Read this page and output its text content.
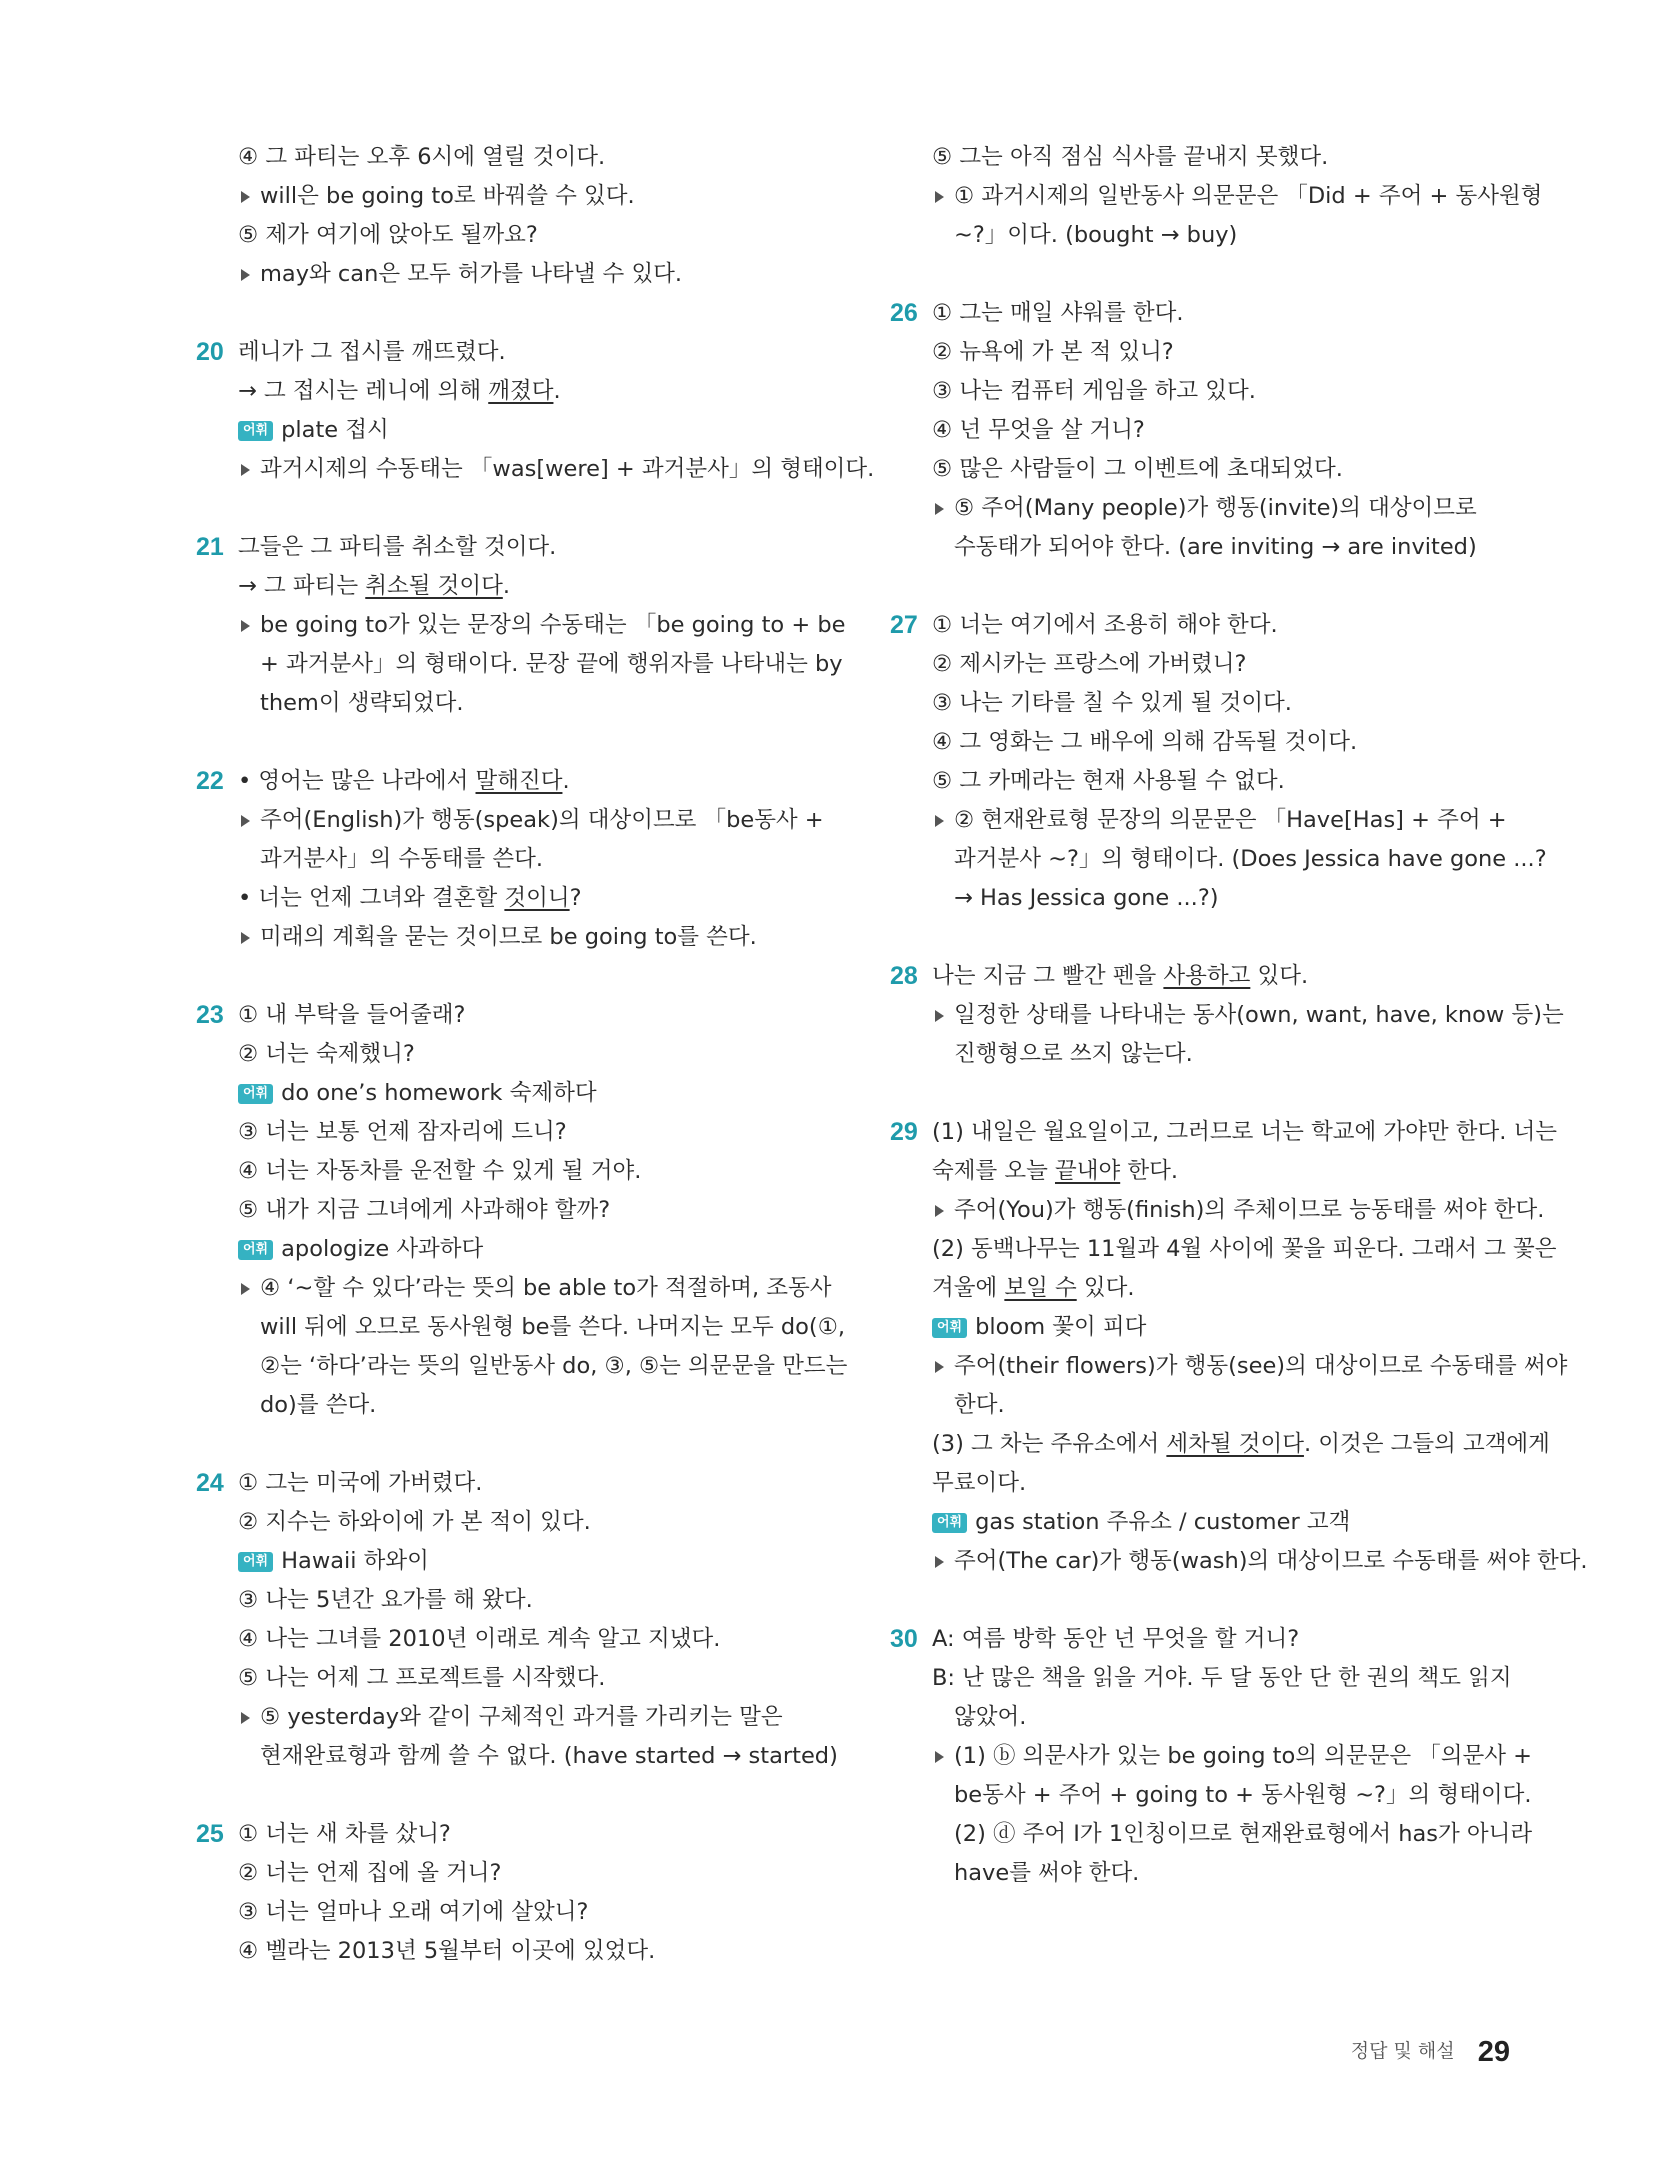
④ 그 파티는 오후 6시에 열릴 것이다.
will은 be going to로 바꿔쓸 수 있다.
⑤ 제가 여기에 앉아도 될까요?
may와 can은 모두 허가를 나타낼 수 있다.
20 레니가 그 접시를 깨뜨렸다.
→ 그 접시는 레니에 의해 깨졌다.
어휘 plate 접시
과거시제의 수동태는 「was[were] + 과거분사」의 형태이다.
21 그들은 그 파티를 취소할 것이다.
→ 그 파티는 취소될 것이다.
be going to가 있는 문장의 수동태는 「be going to + be
+ 과거분사」의 형태이다. 문장 끝에 행위자를 나타내는 by
them이 생략되었다.
22 • 영어는 많은 나라에서 말해진다.
주어(English)가 행동(speak)의 대상이므로 「be동사 +
과거분사」의 수동태를 쓴다.
• 너는 언제 그녀와 결혼할 것이니?
미래의 계획을 묻는 것이므로 be going to를 쓴다.
23 ① 내 부탁을 들어줄래?
② 너는 숙제했니?
어휘 do one’s homework 숙제하다
③ 너는 보통 언제 잠자리에 드니?
④ 너는 자동차를 운전할 수 있게 될 거야.
⑤ 내가 지금 그녀에게 사과해야 할까?
어휘 apologize 사과하다
④ ‘~할 수 있다’라는 뜻의 be able to가 적절하며, 조동사
will 뒤에 오므로 동사원형 be를 쓴다. 나머지는 모두 do(①,
②는 ‘하다’라는 뜻의 일반동사 do, ③, ⑤는 의문문을 만드는
do)를 쓴다.
24 ① 그는 미국에 가버렸다.
② 지수는 하와이에 가 본 적이 있다.
어휘 Hawaii 하와이
③ 나는 5년간 요가를 해 왔다.
④ 나는 그녀를 2010년 이래로 계속 알고 지냈다.
⑤ 나는 어제 그 프로젝트를 시작했다.
⑤ yesterday와 같이 구체적인 과거를 가리키는 말은
현재완료형과 함께 쓸 수 없다. (have started → started)
25 ① 너는 새 차를 샀니?
② 너는 언제 집에 올 거니?
③ 너는 얼마나 오래 여기에 살았니?
④ 벨라는 2013년 5월부터 이곳에 있었다.
⑤ 그는 아직 점심 식사를 끝내지 못했다.
① 과거시제의 일반동사 의문문은 「Did + 주어 + 동사원형
~?」이다. (bought → buy)
26 ① 그는 매일 샤워를 한다.
② 뉴욕에 가 본 적 있니?
③ 나는 컴퓨터 게임을 하고 있다.
④ 넌 무엇을 살 거니?
⑤ 많은 사람들이 그 이벤트에 초대되었다.
⑤ 주어(Many people)가 행동(invite)의 대상이므로
수동태가 되어야 한다. (are inviting → are invited)
27 ① 너는 여기에서 조용히 해야 한다.
② 제시카는 프랑스에 가버렸니?
③ 나는 기타를 칠 수 있게 될 것이다.
④ 그 영화는 그 배우에 의해 감독될 것이다.
⑤ 그 카메라는 현재 사용될 수 없다.
② 현재완료형 문장의 의문문은 「Have[Has] + 주어 +
과거분사 ~?」의 형태이다. (Does Jessica have gone ...?
→ Has Jessica gone ...?)
28 나는 지금 그 빨간 펜을 사용하고 있다.
일정한 상태를 나타내는 동사(own, want, have, know 등)는
진행형으로 쓰지 않는다.
29 (1) 내일은 월요일이고, 그러므로 너는 학교에 가야만 한다. 너는
숙제를 오늘 끝내야 한다.
주어(You)가 행동(finish)의 주체이므로 능동태를 써야 한다.
(2) 동백나무는 11월과 4월 사이에 꽃을 피운다. 그래서 그 꽃은
겨울에 보일 수 있다.
어휘 bloom 꽃이 피다
주어(their flowers)가 행동(see)의 대상이므로 수동태를 써야
한다.
(3) 그 차는 주유소에서 세차될 것이다. 이것은 그들의 고객에게
무료이다.
어휘 gas station 주유소 / customer 고객
주어(The car)가 행동(wash)의 대상이므로 수동태를 써야 한다.
30 A: 여름 방학 동안 넌 무엇을 할 거니?
B: 난 많은 책을 읽을 거야. 두 달 동안 단 한 권의 책도 읽지
않았어.
(1) ⓑ 의문사가 있는 be going to의 의문문은 「의문사 +
be동사 + 주어 + going to + 동사원형 ~?」의 형태이다.
(2) ⓓ 주어 I가 1인칭이므로 현재완료형에서 has가 아니라
have를 써야 한다.
정답 및 해설 29
